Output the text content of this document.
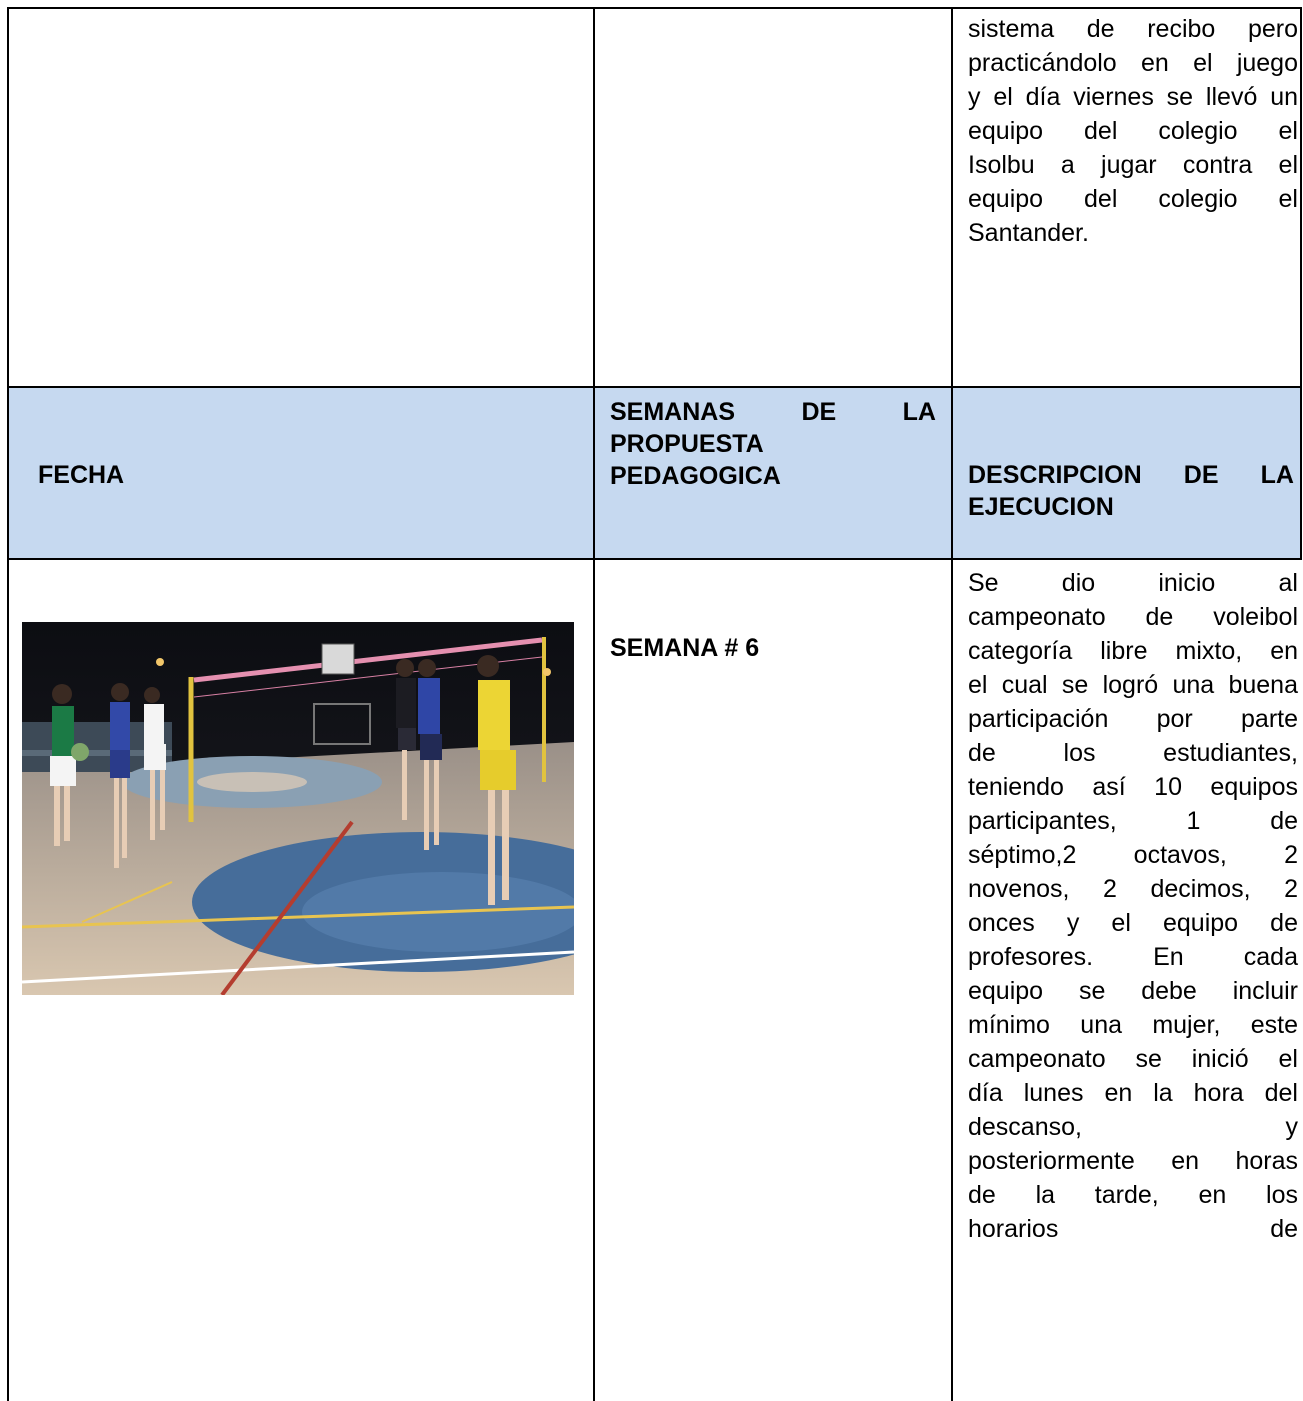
sistema de recibo pero
practicándolo en el juego
y el día viernes se llevó un
equipo del colegio el
Isolbu a jugar contra el
equipo del colegio el
Santander.
FECHA
SEMANAS DE LA
PROPUESTA
PEDAGOGICA	DESCRIPCION DE LA
EJECUCION
SEMANA # 6
Se dio inicio al
campeonato de voleibol
categoría libre mixto, en
el cual se logró una buena
participación por parte
de los estudiantes,
teniendo así 10 equipos
participantes, 1 de
séptimo,2 octavos, 2
novenos, 2 decimos, 2
onces y el equipo de
profesores. En cada
equipo se debe incluir
mínimo una mujer, este
campeonato se inició el
día lunes en la hora del
descanso, y
posteriormente en horas
de la tarde, en los
horarios de
